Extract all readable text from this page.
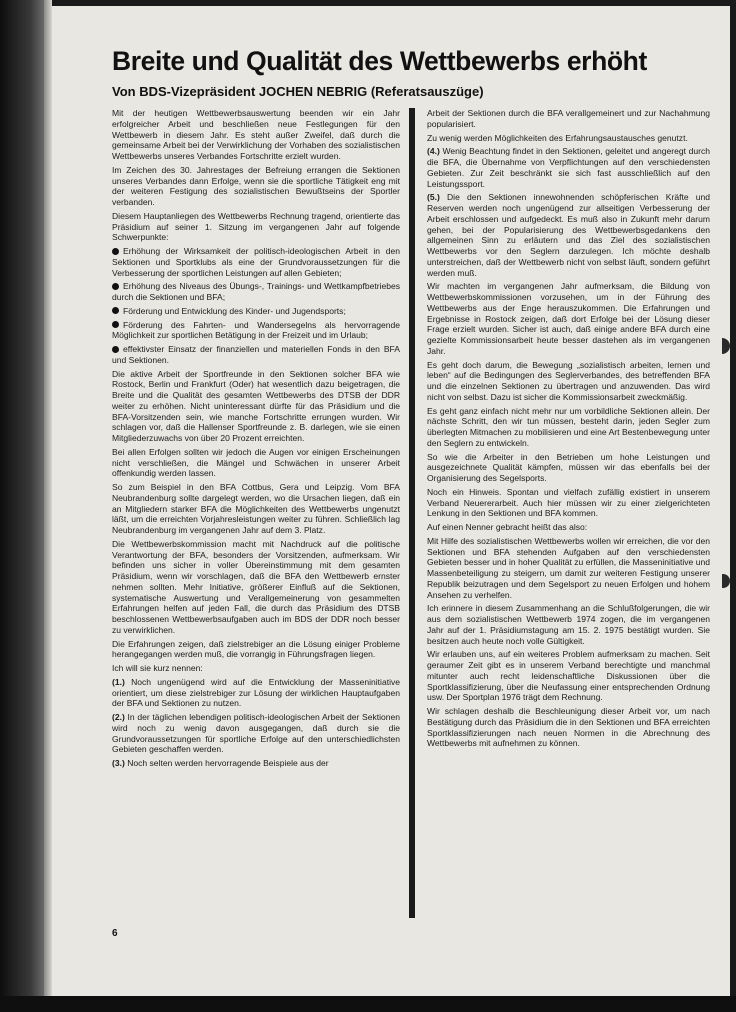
Breite und Qualität des Wettbewerbs erhöht
Von BDS-Vizepräsident JOCHEN NEBRIG (Referatsauszüge)

Mit der heutigen Wettbewerbsauswertung beenden wir ein Jahr erfolgreicher Arbeit und beschließen neue Festlegungen für den Wettbewerb in diesem Jahr. Es steht außer Zweifel, daß durch die gemeinsame Arbeit bei der Verwirklichung der Vorhaben des sozialistischen Wettbewerbs unseres Verbandes Fortschritte erzielt wurden.

Im Zeichen des 30. Jahrestages der Befreiung errangen die Sektionen unseres Verbandes dann Erfolge, wenn sie die sportliche Tätigkeit eng mit der weiteren Festigung des sozialistischen Bewußtseins der Sportler verbanden.

Diesem Hauptanliegen des Wettbewerbs Rechnung tragend, orientierte das Präsidium auf seiner 1. Sitzung im vergangenen Jahr auf folgende Schwerpunkte:

Erhöhung der Wirksamkeit der politisch-ideologischen Arbeit in den Sektionen und Sportklubs als eine der Grundvoraussetzungen für die Verbesserung der sportlichen Leistungen auf allen Gebieten;

Erhöhung des Niveaus des Übungs-, Trainings- und Wettkampfbetriebes durch die Sektionen und BFA;

Förderung und Entwicklung des Kinder- und Jugendsports;

Förderung des Fahrten- und Wandersegelns als hervorragende Möglichkeit zur sportlichen Betätigung in der Freizeit und im Urlaub;

effektivster Einsatz der finanziellen und materiellen Fonds in den BFA und Sektionen.

Die aktive Arbeit der Sportfreunde in den Sektionen solcher BFA wie Rostock, Berlin und Frankfurt (Oder) hat wesentlich dazu beigetragen, die Breite und die Qualität des gesamten Wettbewerbs des DTSB der DDR weiter zu erhöhen. Nicht uninteressant dürfte für das Präsidium und die BFA-Vorsitzenden sein, wie manche Fortschritte errungen wurden. Wir schlagen vor, daß die Hallenser Sportfreunde z. B. darlegen, wie sie einen Mitgliederzuwachs von über 20 Prozent erreichten.

Bei allen Erfolgen sollten wir jedoch die Augen vor einigen Erscheinungen nicht verschließen, die Mängel und Schwächen in unserer Arbeit offenkundig werden lassen.

So zum Beispiel in den BFA Cottbus, Gera und Leipzig. Vom BFA Neubrandenburg sollte dargelegt werden, wo die Ursachen liegen, daß ein an Mitgliedern starker BFA die Möglichkeiten des Wettbewerbs ungenutzt läßt, um die erreichten Vorjahresleistungen weiter zu führen. Schließlich lag Neubrandenburg im vergangenen Jahr auf dem 3. Platz.

Die Wettbewerbskommission macht mit Nachdruck auf die politische Verantwortung der BFA, besonders der Vorsitzenden, aufmerksam. Wir befinden uns sicher in voller Übereinstimmung mit dem gesamten Präsidium, wenn wir vorschlagen, daß die BFA den Wettbewerb ernster nehmen sollten. Mehr Initiative, größerer Einfluß auf die Sektionen, systematische Auswertung und Verallgemeinerung von gesammelten Erfahrungen helfen auf jeden Fall, die durch das Präsidium des DTSB beschlossenen Wettbewerbsaufgaben auch im BDS der DDR noch besser zu verwirklichen.

Die Erfahrungen zeigen, daß zielstrebiger an die Lösung einiger Probleme herangegangen werden muß, die vorrangig in Führungsfragen liegen.

Ich will sie kurz nennen:

(1.) Noch ungenügend wird auf die Entwicklung der Masseninitiative orientiert, um diese zielstrebiger zur Lösung der wirklichen Hauptaufgaben der BFA und Sektionen zu nutzen.

(2.) In der täglichen lebendigen politisch-ideologischen Arbeit der Sektionen wird noch zu wenig davon ausgegangen, daß durch sie die Grundvoraussetzungen für sportliche Erfolge auf den unterschiedlichsten Gebieten geschaffen werden.

(3.) Noch selten werden hervorragende Beispiele aus der

Arbeit der Sektionen durch die BFA verallgemeinert und zur Nachahmung popularisiert.

Zu wenig werden Möglichkeiten des Erfahrungsaustausches genutzt.

(4.) Wenig Beachtung findet in den Sektionen, geleitet und angeregt durch die BFA, die Übernahme von Verpflichtungen auf den verschiedensten Gebieten. Zur Zeit beschränkt sie sich fast ausschließlich auf den Leistungssport.

(5.) Die den Sektionen innewohnenden schöpferischen Kräfte und Reserven werden noch ungenügend zur allseitigen Verbesserung der Arbeit erschlossen und aufgedeckt. Es muß also in Zukunft mehr darum gehen, bei der Popularisierung des Wettbewerbsgedankens den allgemeinen Sinn zu erläutern und das Ziel des sozialistischen Wettbewerbs vor den Seglern darzulegen. Ich möchte deshalb unterstreichen, daß der Wettbewerb nicht von selbst läuft, sondern geführt werden muß.

Wir machten im vergangenen Jahr aufmerksam, die Bildung von Wettbewerbskommissionen vorzusehen, um in der Führung des Wettbewerbs aus der Enge herauszukommen. Die Erfahrungen und Ergebnisse in Rostock zeigen, daß dort Erfolge bei der Lösung dieser Frage erzielt wurden. Sicher ist auch, daß einige andere BFA durch eine gezielte Kommissionsarbeit heute besser dastehen als im vergangenen Jahr.

Es geht doch darum, die Bewegung „sozialistisch arbeiten, lernen und leben“ auf die Bedingungen des Seglerverbandes, des betreffenden BFA und die einzelnen Sektionen zu übertragen und anzuwenden. Das wird nicht von selbst. Dazu ist sicher die Kommissionsarbeit zweckmäßig.

Es geht ganz einfach nicht mehr nur um vorbildliche Sektionen allein. Der nächste Schritt, den wir tun müssen, besteht darin, jeden Segler zum überlegten Mitmachen zu mobilisieren und eine Art Bestenbewegung unter den Seglern zu entwickeln.

So wie die Arbeiter in den Betrieben um hohe Leistungen und ausgezeichnete Qualität kämpfen, müssen wir das ebenfalls bei der Organisierung des Segelsports.

Noch ein Hinweis. Spontan und vielfach zufällig existiert in unserem Verband Neuererarbeit. Auch hier müssen wir zu einer zielgerichteten Lenkung in den Sektionen und BFA kommen.

Auf einen Nenner gebracht heißt das also:

Mit Hilfe des sozialistischen Wettbewerbs wollen wir erreichen, die vor den Sektionen und BFA stehenden Aufgaben auf den verschiedensten Gebieten besser und in hoher Qualität zu erfüllen, die Masseninitiative und Massenbeteiligung zu steigern, um damit zur weiteren Festigung unserer Republik beizutragen und dem Segelsport zu neuen Erfolgen und hohem Ansehen zu verhelfen.

Ich erinnere in diesem Zusammenhang an die Schlußfolgerungen, die wir aus dem sozialistischen Wettbewerb 1974 zogen, die im vergangenen Jahr auf der 1. Präsidiumstagung am 15. 2. 1975 bestätigt wurden. Sie besitzen auch heute noch volle Gültigkeit.

Wir erlauben uns, auf ein weiteres Problem aufmerksam zu machen. Seit geraumer Zeit gibt es in unserem Verband berechtigte und manchmal mitunter auch recht leidenschaftliche Diskussionen über die Sportklassifizierung, über die Neufassung einer entsprechenden Ordnung usw. Der Sportplan 1976 trägt dem Rechnung.

Wir schlagen deshalb die Beschleunigung dieser Arbeit vor, um nach Bestätigung durch das Präsidium die in den Sektionen und BFA erreichten Sportklassifizierungen nach neuen Normen in die Abrechnung des Wettbewerbs mit aufnehmen zu können.

6
